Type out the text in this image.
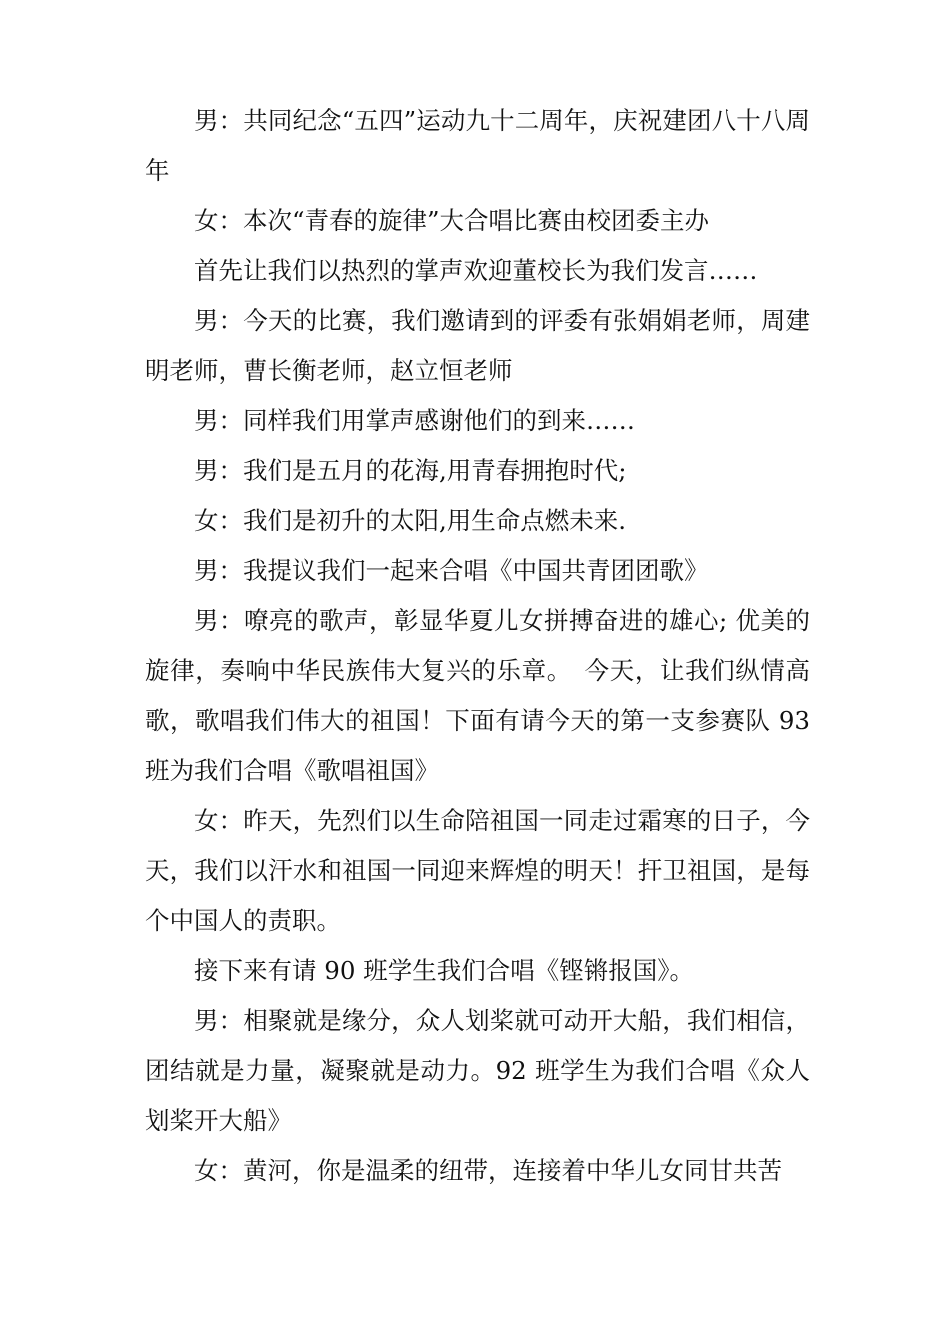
男：共同纪念“五四”运动九十二周年，庆祝建团八十八周年

女：本次“青春的旋律”大合唱比赛由校团委主办

首先让我们以热烈的掌声欢迎董校长为我们发言……

男：今天的比赛，我们邀请到的评委有张娟娟老师，周建明老师，曹长衡老师，赵立恒老师

男：同样我们用掌声感谢他们的到来……

男：我们是五月的花海,用青春拥抱时代;

女：我们是初升的太阳,用生命点燃未来.

男：我提议我们一起来合唱《中国共青团团歌》

男：嘹亮的歌声，彰显华夏儿女拼搏奋进的雄心; 优美的旋律，奏响中华民族伟大复兴的乐章。　今天，让我们纵情高歌，歌唱我们伟大的祖国！下面有请今天的第一支参赛队 93 班为我们合唱《歌唱祖国》

女：昨天，先烈们以生命陪祖国一同走过霜寒的日子，今天，我们以汗水和祖国一同迎来辉煌的明天！扞卫祖国，是每个中国人的责职。

接下来有请 90 班学生我们合唱《铿锵报国》。

男：相聚就是缘分，众人划桨就可动开大船，我们相信，团结就是力量，凝聚就是动力。92 班学生为我们合唱《众人划桨开大船》

女：黄河，你是温柔的纽带，连接着中华儿女同甘共苦
